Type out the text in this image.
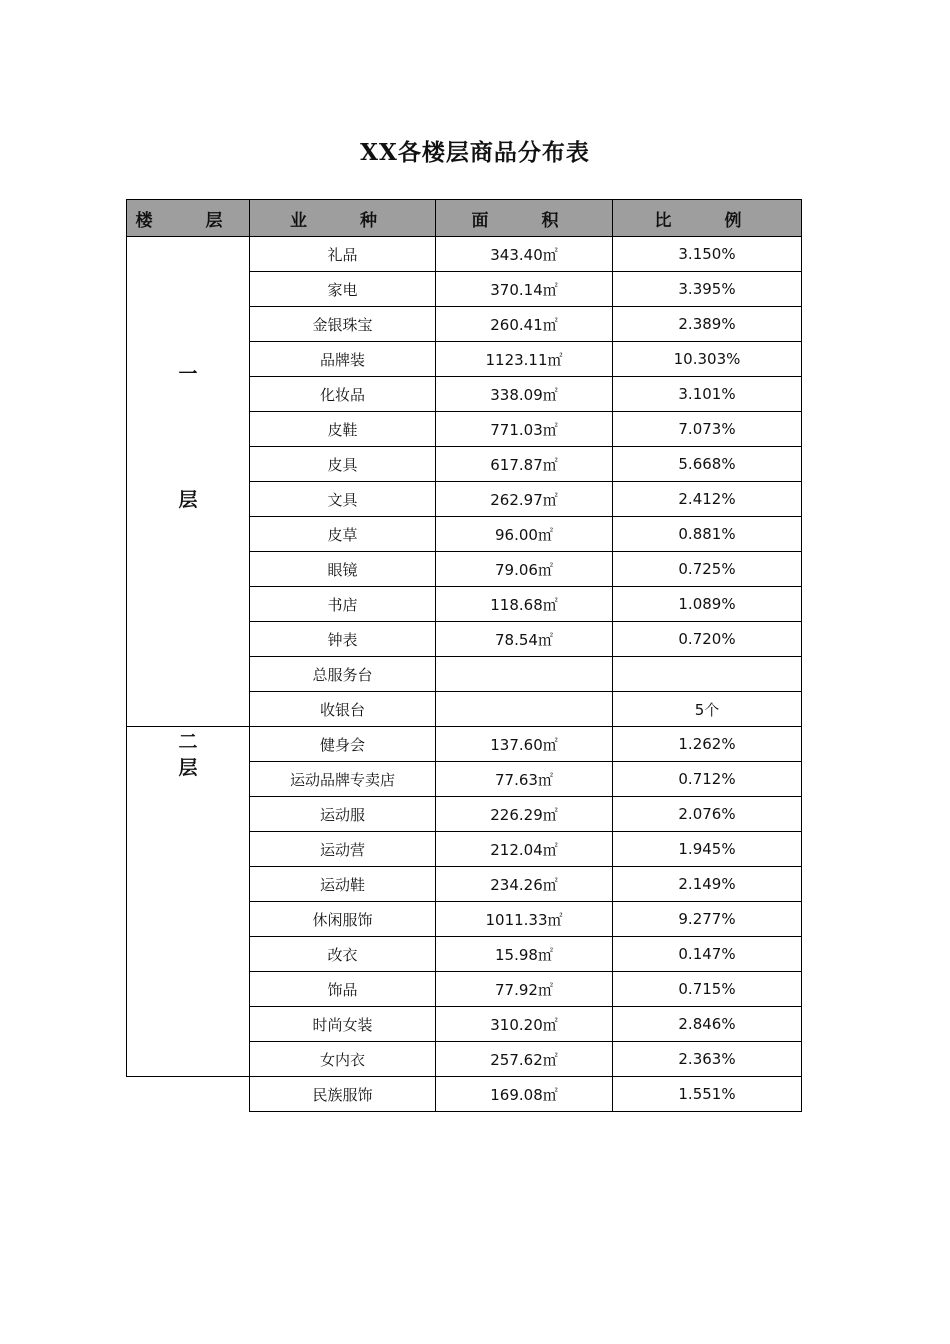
XX各楼层商品分布表
楼　层	业　种	面　积	比　例

一
层	礼品	343.40㎡	3.150%
	家电	370.14㎡	3.395%
	金银珠宝	260.41㎡	2.389%
	品牌装	1123.11㎡	10.303%
	化妆品	338.09㎡	3.101%
	皮鞋	771.03㎡	7.073%
	皮具	617.87㎡	5.668%
	文具	262.97㎡	2.412%
	皮草	96.00㎡	0.881%
	眼镜	79.06㎡	0.725%
	书店	118.68㎡	1.089%
	钟表	78.54㎡	0.720%
	总服务台		
	收银台		5个

二
层	健身会	137.60㎡	1.262%
	运动品牌专卖店	77.63㎡	0.712%
	运动服	226.29㎡	2.076%
	运动营	212.04㎡	1.945%
	运动鞋	234.26㎡	2.149%
	休闲服饰	1011.33㎡	9.277%
	改衣	15.98㎡	0.147%
	饰品	77.92㎡	0.715%
	时尚女装	310.20㎡	2.846%
	女内衣	257.62㎡	2.363%
	民族服饰	169.08㎡	1.551%
